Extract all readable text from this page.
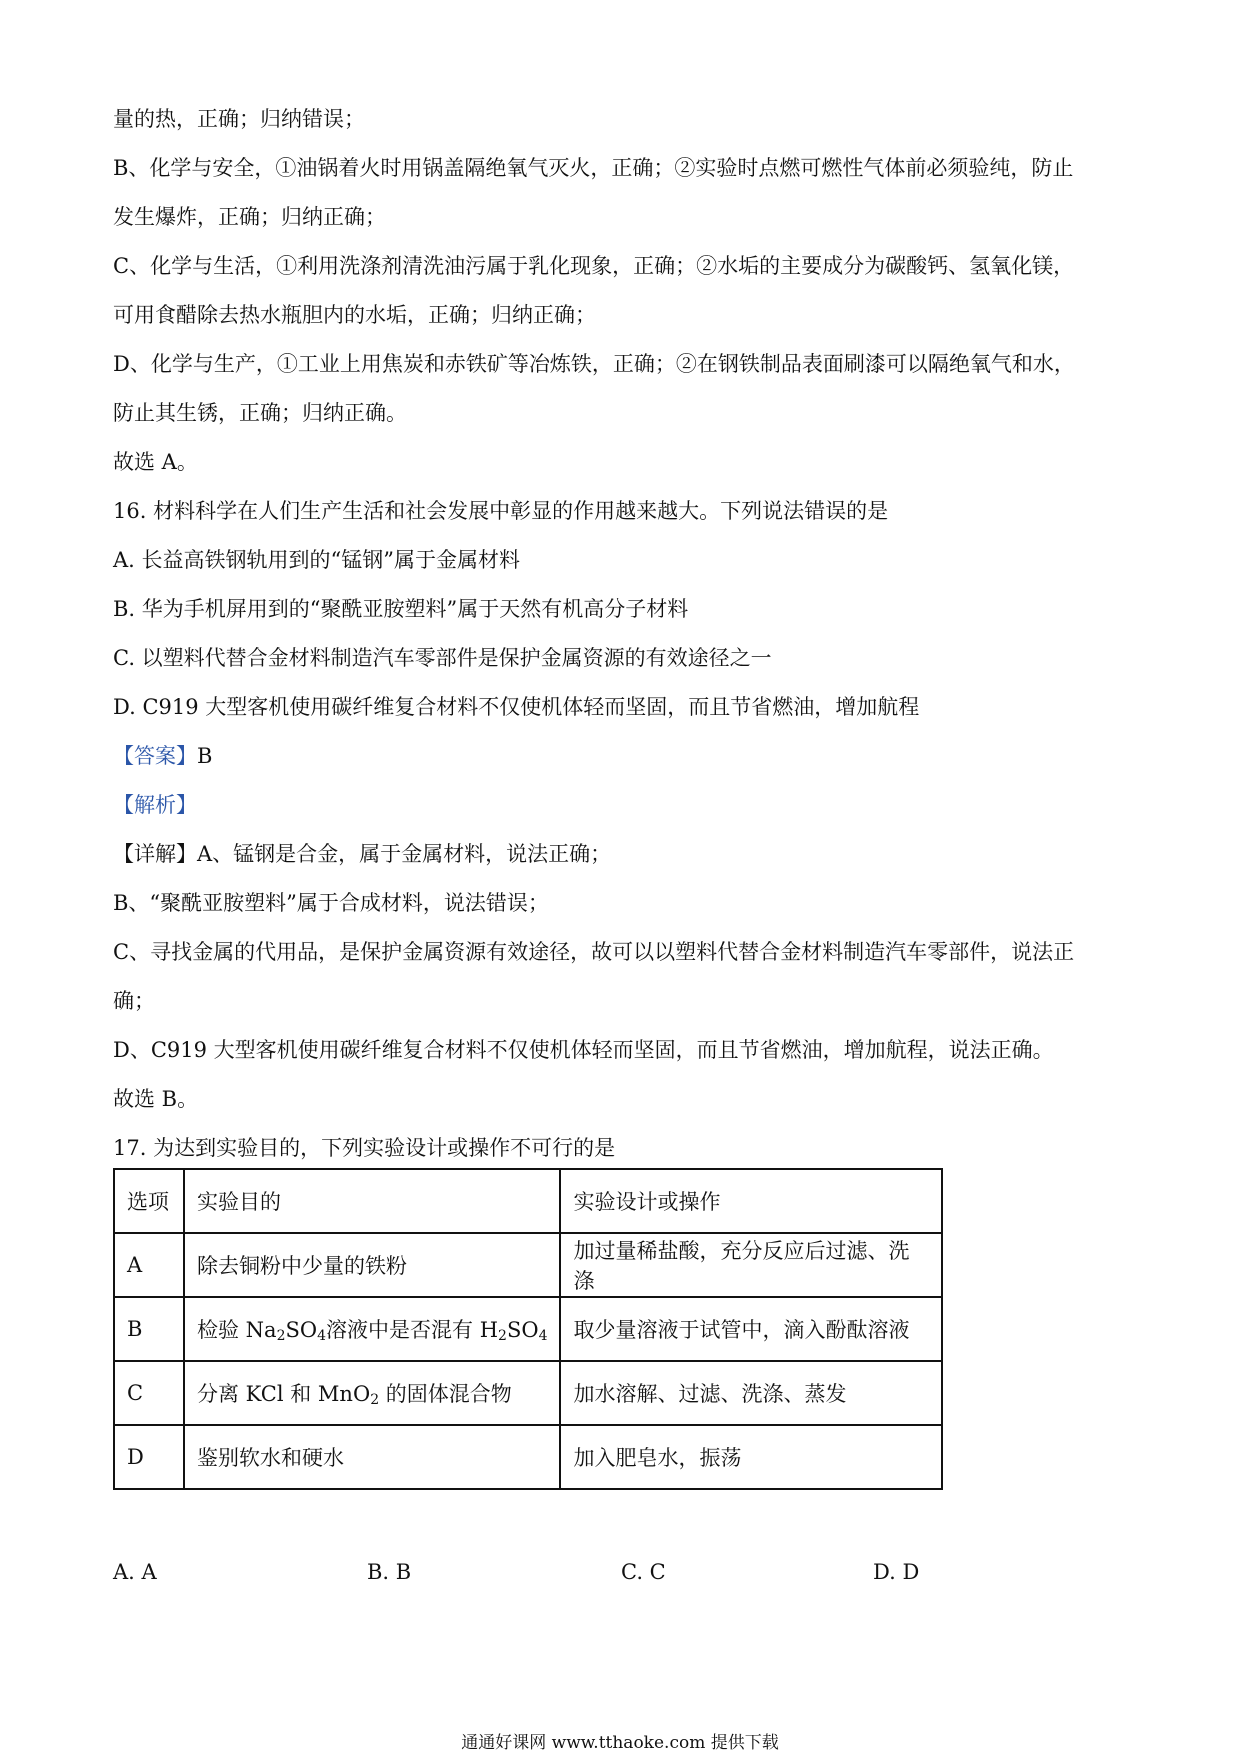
量的热，正确；归纳错误；
B、化学与安全，①油锅着火时用锅盖隔绝氧气灭火，正确；②实验时点燃可燃性气体前必须验纯，防止
发生爆炸，正确；归纳正确；
C、化学与生活，①利用洗涤剂清洗油污属于乳化现象，正确；②水垢的主要成分为碳酸钙、氢氧化镁，
可用食醋除去热水瓶胆内的水垢，正确；归纳正确；
D、化学与生产，①工业上用焦炭和赤铁矿等冶炼铁，正确；②在钢铁制品表面刷漆可以隔绝氧气和水，
防止其生锈，正确；归纳正确。
故选 A。
16. 材料科学在人们生产生活和社会发展中彰显的作用越来越大。下列说法错误的是
A. 长益高铁钢轨用到的“锰钢”属于金属材料
B. 华为手机屏用到的“聚酰亚胺塑料”属于天然有机高分子材料
C. 以塑料代替合金材料制造汽车零部件是保护金属资源的有效途径之一
D. C919 大型客机使用碳纤维复合材料不仅使机体轻而坚固，而且节省燃油，增加航程
【答案】B
【解析】
【详解】A、锰钢是合金，属于金属材料，说法正确；
B、“聚酰亚胺塑料”属于合成材料，说法错误；
C、寻找金属的代用品，是保护金属资源有效途径，故可以以塑料代替合金材料制造汽车零部件，说法正
确；
D、C919 大型客机使用碳纤维复合材料不仅使机体轻而坚固，而且节省燃油，增加航程，说法正确。
故选 B。
17. 为达到实验目的，下列实验设计或操作不可行的是
选项	实验目的	实验设计或操作
A	除去铜粉中少量的铁粉	加过量稀盐酸，充分反应后过滤、洗涤
B	检验 $Na_2SO_4$溶液中是否混有 $H_2SO_4$	取少量溶液于试管中，滴入酚酞溶液
C	分离 KCl 和 MnO$_2$ 的固体混合物	加水溶解、过滤、洗涤、蒸发
D	鉴别软水和硬水	加入肥皂水，振荡
A. A	B. B	C. C	D. D
通通好课网 www.tthaoke.com 提供下载
